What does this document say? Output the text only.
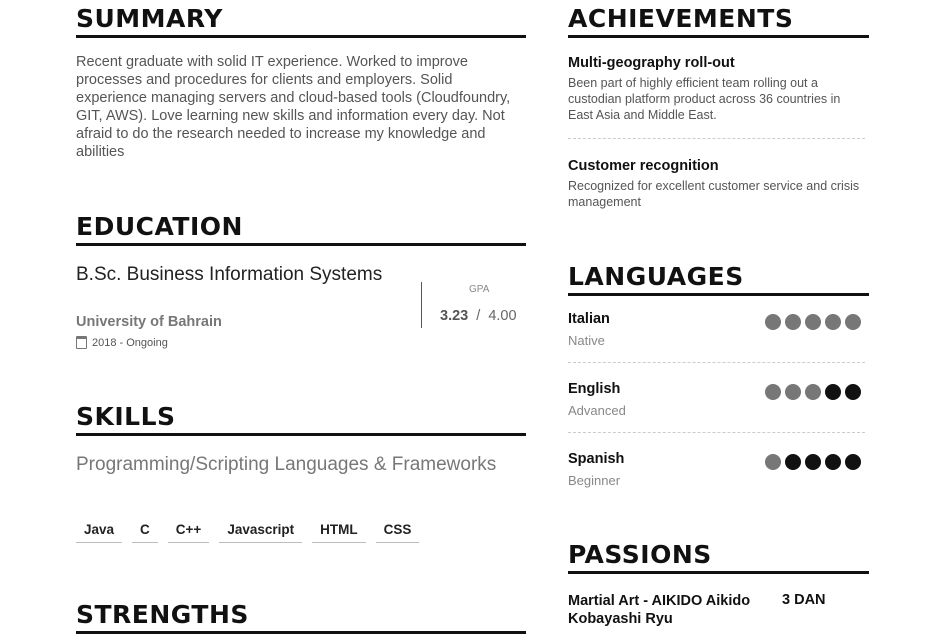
SUMMARY
Recent graduate with solid IT experience. Worked to improve processes and procedures for clients and employers. Solid experience managing servers and cloud-based tools (Cloudfoundry, GIT, AWS). Love learning new skills and information every day. Not afraid to do the research needed to increase my knowledge and abilities
EDUCATION
B.Sc. Business Information Systems
University of Bahrain
2018 - Ongoing
GPA
3.23 / 4.00
SKILLS
Programming/Scripting Languages & Frameworks
Java	C	C++	Javascript	HTML	CSS
STRENGTHS
ACHIEVEMENTS
Multi-geography roll-out
Been part of highly efficient team rolling out a custodian platform product across 36 countries in East Asia and Middle East.
Customer recognition
Recognized for excellent customer service and crisis management
LANGUAGES
Italian
Native
English
Advanced
Spanish
Beginner
PASSIONS
Martial Art - AIKIDO Aikido Kobayashi Ryu
3 DAN
